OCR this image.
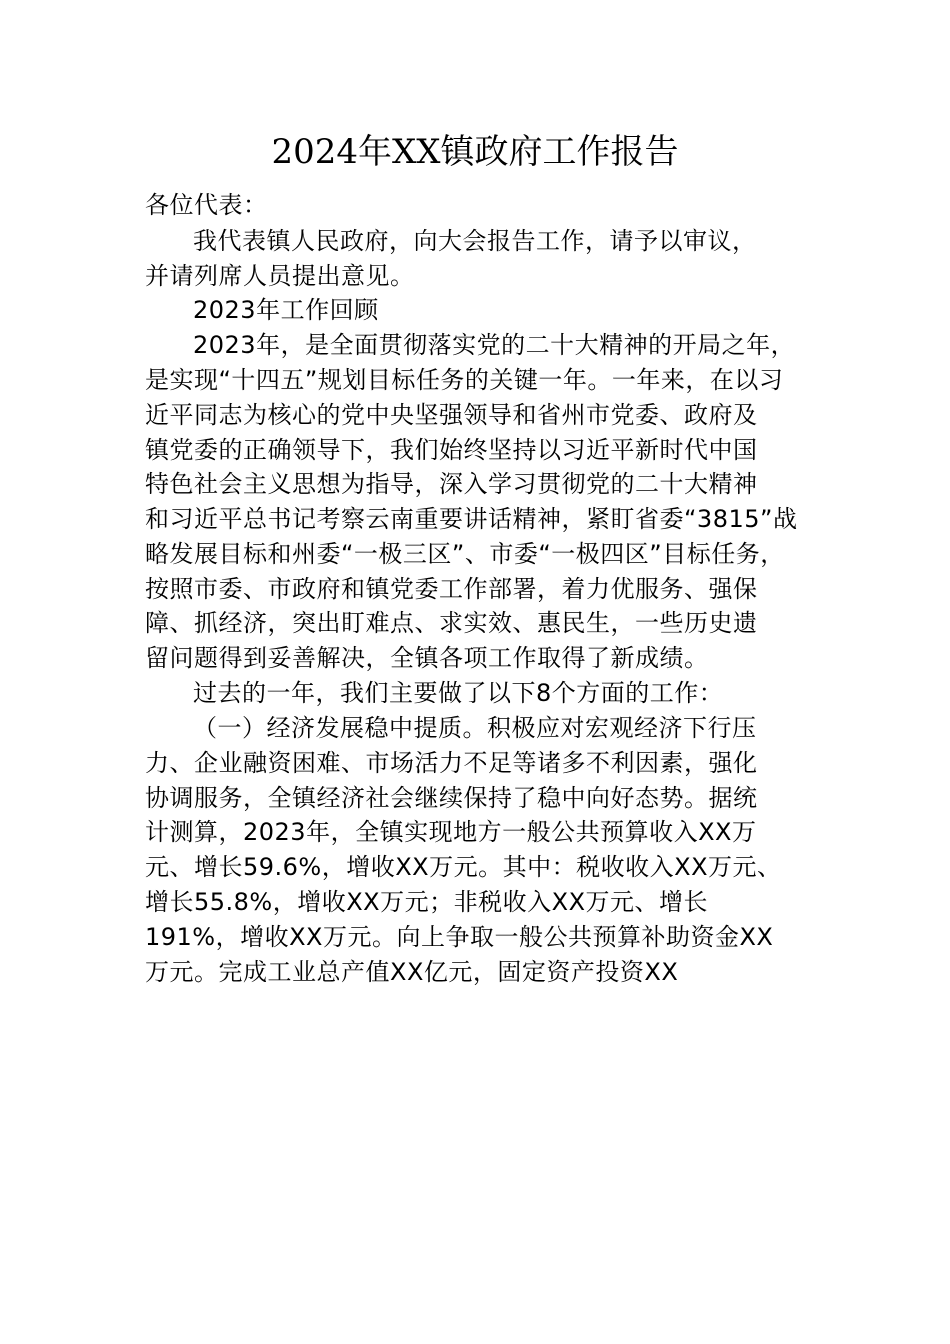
2024年XX镇政府工作报告
各位代表：
我代表镇人民政府，向大会报告工作，请予以审议，
并请列席人员提出意见。
2023年工作回顾
2023年，是全面贯彻落实党的二十大精神的开局之年，
是实现“十四五”规划目标任务的关键一年。一年来，在以习
近平同志为核心的党中央坚强领导和省州市党委、政府及
镇党委的正确领导下，我们始终坚持以习近平新时代中国
特色社会主义思想为指导，深入学习贯彻党的二十大精神
和习近平总书记考察云南重要讲话精神，紧盯省委“3815”战
略发展目标和州委“一极三区”、市委“一极四区”目标任务，
按照市委、市政府和镇党委工作部署，着力优服务、强保
障、抓经济，突出盯难点、求实效、惠民生，一些历史遗
留问题得到妥善解决，全镇各项工作取得了新成绩。
过去的一年，我们主要做了以下8个方面的工作：
（一）经济发展稳中提质。积极应对宏观经济下行压
力、企业融资困难、市场活力不足等诸多不利因素，强化
协调服务，全镇经济社会继续保持了稳中向好态势。据统
计测算，2023年，全镇实现地方一般公共预算收入XX万
元、增长59.6%，增收XX万元。其中：税收收入XX万元、
增长55.8%，增收XX万元；非税收入XX万元、增长
191%，增收XX万元。向上争取一般公共预算补助资金XX
万元。完成工业总产值XX亿元，固定资产投资XX
